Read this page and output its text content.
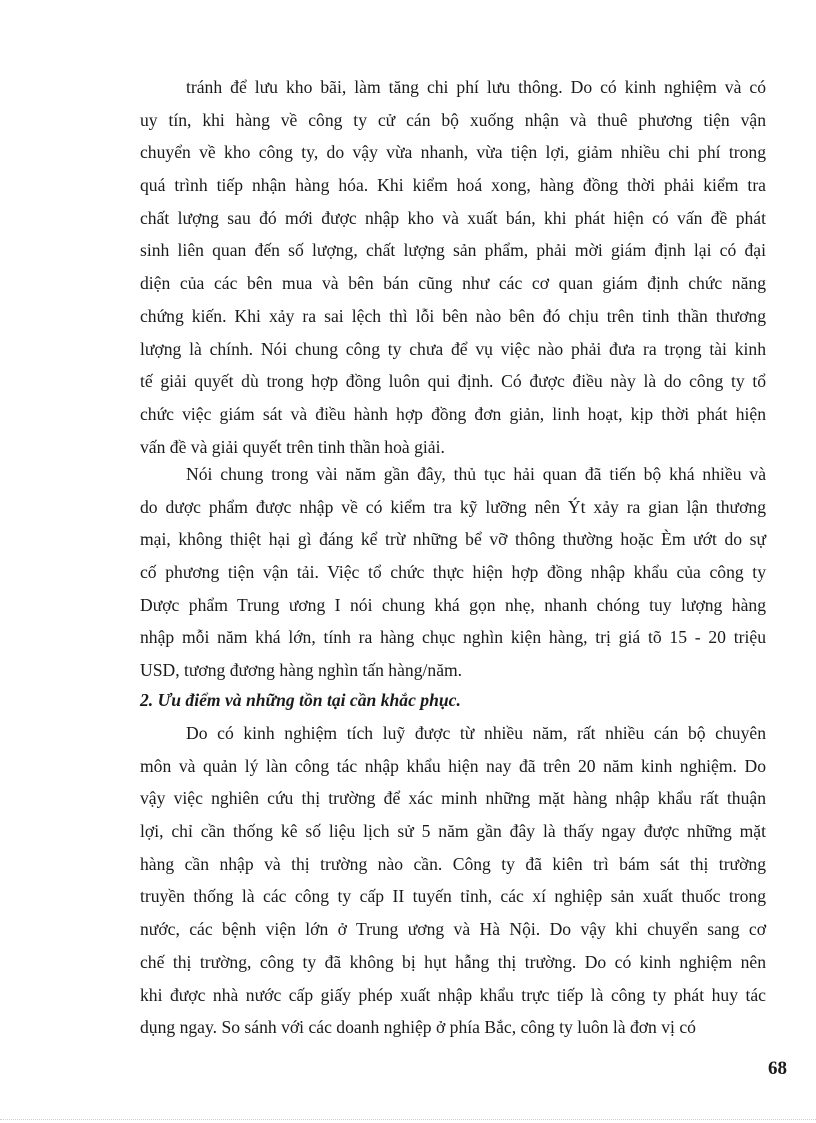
tránh để lưu kho bãi, làm tăng chi phí lưu thông. Do có kinh nghiệm và có
uy tín, khi hàng về công ty cử cán bộ xuống nhận và thuê phương tiện vận
chuyển về kho công ty, do vậy vừa nhanh, vừa tiện lợi, giảm nhiều chi phí trong
quá trình tiếp nhận hàng hóa. Khi kiểm hoá xong, hàng đồng thời phải kiểm tra
chất lượng sau đó mới được nhập kho và xuất bán, khi phát hiện có vấn đề phát
sinh liên quan đến số lượng, chất lượng sản phẩm, phải mời giám định lại có đại
diện của các bên mua và bên bán cũng như các cơ quan giám định chức năng
chứng kiến. Khi xảy ra sai lệch thì lỗi bên nào bên đó chịu trên tinh thần thương
lượng là chính. Nói chung công ty chưa để vụ việc nào phải đưa ra trọng tài kinh
tế giải quyết dù trong hợp đồng luôn qui định. Có được điều này là do công ty tổ
chức việc giám sát và điều hành hợp đồng đơn giản, linh hoạt, kịp thời phát hiện
vấn đề và giải quyết trên tinh thần hoà giải.
Nói chung trong vài năm gần đây, thủ tục hải quan đã tiến bộ khá nhiều và
do dược phẩm được nhập về có kiểm tra kỹ lưỡng nên Ýt xảy ra gian lận thương
mại, không thiệt hại gì đáng kể trừ những bể vỡ thông thường hoặc Èm ướt do sự
cố phương tiện vận tải. Việc tổ chức thực hiện hợp đồng nhập khẩu của công ty
Dược phẩm Trung ương I nói chung khá gọn nhẹ, nhanh chóng tuy lượng hàng
nhập mỗi năm khá lớn, tính ra hàng chục nghìn kiện hàng, trị giá tõ 15 - 20 triệu
USD, tương đương hàng nghìn tấn hàng/năm.
2. Ưu điểm và những tồn tại cần khắc phục.
Do có kinh nghiệm tích luỹ được từ nhiều năm, rất nhiều cán bộ chuyên
môn và quản lý làn công tác nhập khẩu hiện nay đã trên 20 năm kinh nghiệm. Do
vậy việc nghiên cứu thị trường để xác minh những mặt hàng nhập khẩu rất thuận
lợi, chỉ cần thống kê số liệu lịch sử 5 năm gần đây là thấy ngay được những mặt
hàng cần nhập và thị trường nào cần. Công ty đã kiên trì bám sát thị trường
truyền thống là các công ty cấp II tuyến tỉnh, các xí nghiệp sản xuất thuốc trong
nước, các bệnh viện lớn ở Trung ương và Hà Nội. Do vậy khi chuyển sang cơ
chế thị trường, công ty đã không bị hụt hẫng thị trường. Do có kinh nghiệm nên
khi được nhà nước cấp giấy phép xuất nhập khẩu trực tiếp là công ty phát huy tác
dụng ngay. So sánh với các doanh nghiệp ở phía Bắc, công ty luôn là đơn vị có
68
